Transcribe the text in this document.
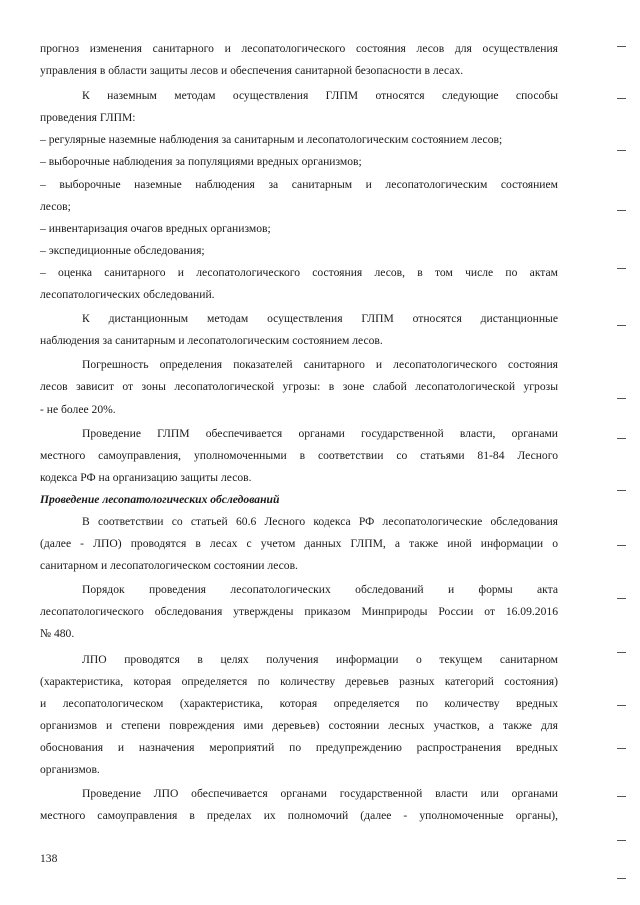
прогноз изменения санитарного и лесопатологического состояния лесов для осуществления
управления в области защиты лесов и обеспечения санитарной безопасности в лесах.
К наземным методам осуществления ГЛПМ относятся следующие способы
проведения ГЛПМ:
– регулярные наземные наблюдения за санитарным и лесопатологическим состоянием лесов;
– выборочные наблюдения за популяциями вредных организмов;
– выборочные наземные наблюдения за санитарным и лесопатологическим состоянием
лесов;
– инвентаризация очагов вредных организмов;
– экспедиционные обследования;
– оценка санитарного и лесопатологического состояния лесов, в том числе по актам
лесопатологических обследований.
К дистанционным методам осуществления ГЛПМ относятся дистанционные
наблюдения за санитарным и лесопатологическим состоянием лесов.
Погрешность определения показателей санитарного и лесопатологического состояния
лесов зависит от зоны лесопатологической угрозы: в зоне слабой лесопатологической угрозы
- не более 20%.
Проведение ГЛПМ обеспечивается органами государственной власти, органами
местного самоуправления, уполномоченными в соответствии со статьями 81-84 Лесного
кодекса РФ на организацию защиты лесов.

Проведение лесопатологических обследований

В соответствии со статьей 60.6 Лесного кодекса РФ лесопатологические обследования
(далее - ЛПО) проводятся в лесах с учетом данных ГЛПМ, а также иной информации о
санитарном и лесопатологическом состоянии лесов.
Порядок проведения лесопатологических обследований и формы акта
лесопатологического обследования утверждены приказом Минприроды России от 16.09.2016
№ 480.
ЛПО проводятся в целях получения информации о текущем санитарном
(характеристика, которая определяется по количеству деревьев разных категорий состояния)
и лесопатологическом (характеристика, которая определяется по количеству вредных
организмов и степени повреждения ими деревьев) состоянии лесных участков, а также для
обоснования и назначения мероприятий по предупреждению распространения вредных
организмов.
Проведение ЛПО обеспечивается органами государственной власти или органами
местного самоуправления в пределах их полномочий (далее - уполномоченные органы),
138
